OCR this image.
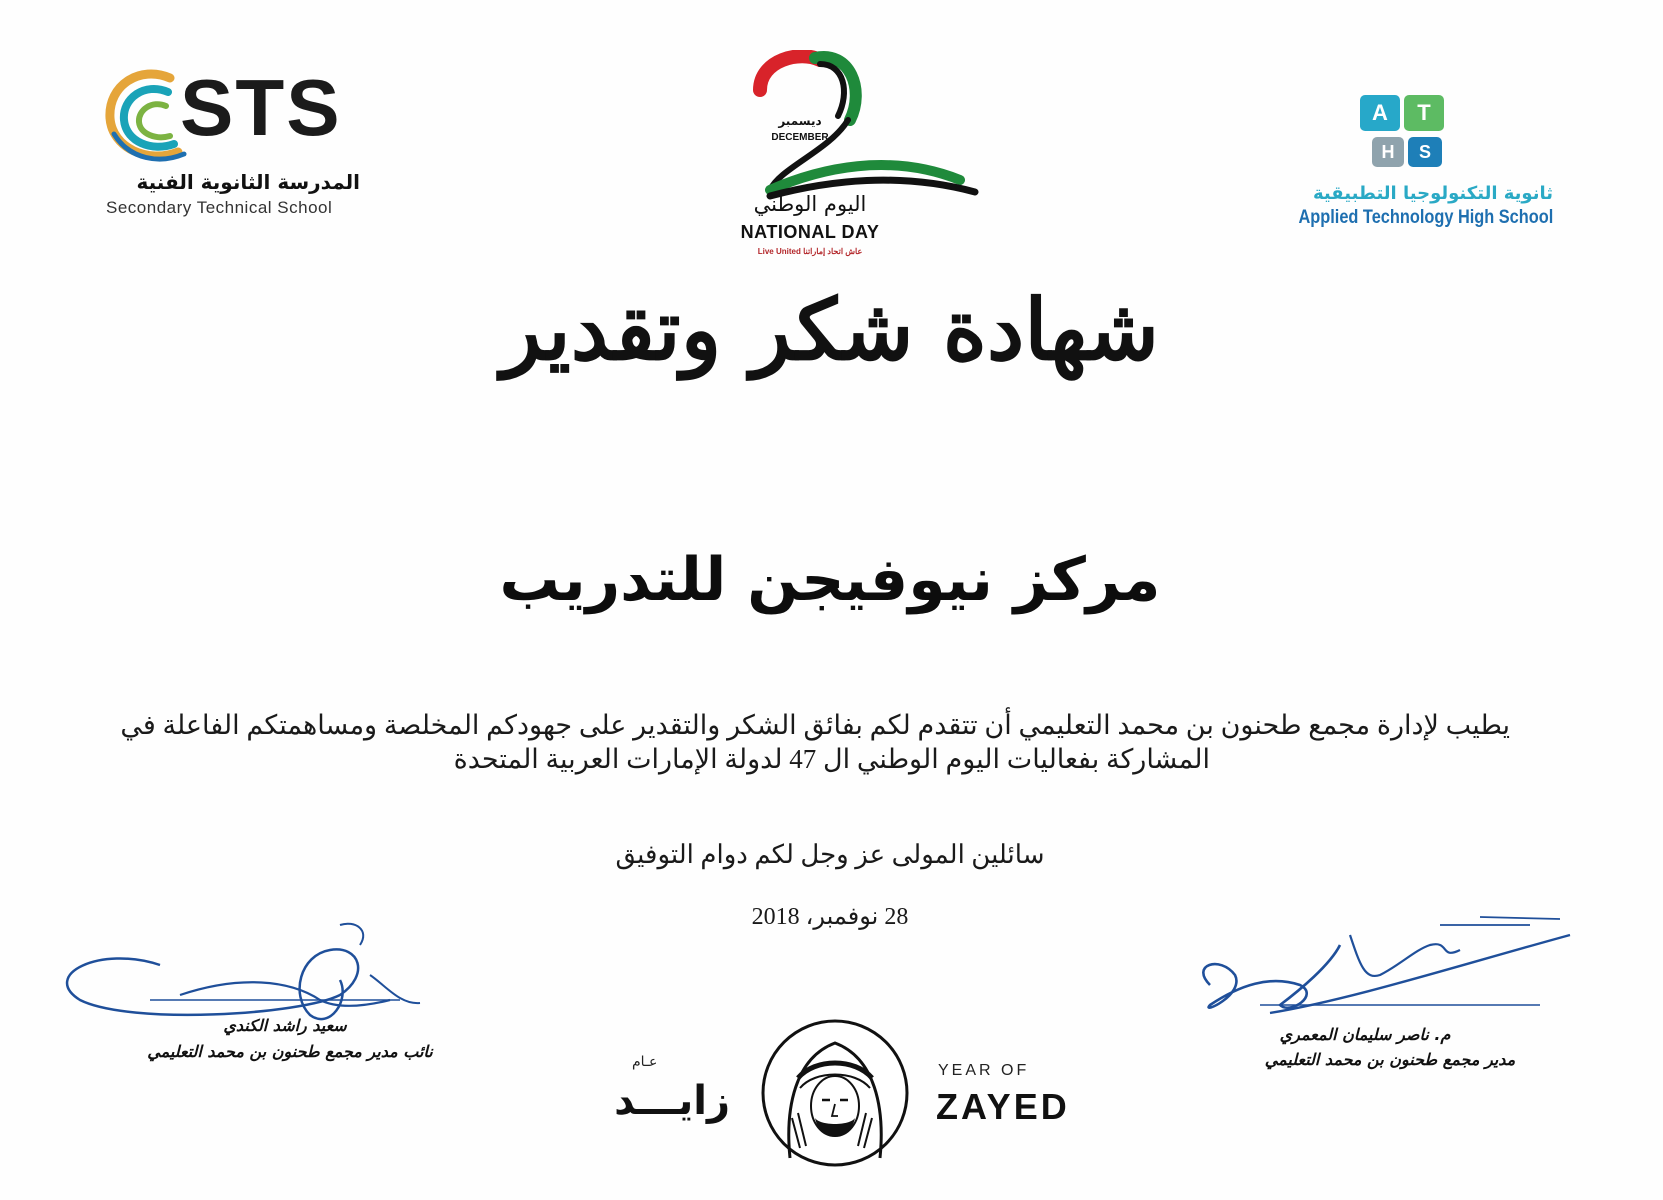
STS
المدرسة الثانوية الفنية
Secondary Technical School
ديسمبر
DECEMBER
اليوم الوطني
NATIONAL DAY
Live United عاش اتحاد إماراتنا
A	T
H	S
ثانوية التكنولوجيا التطبيقية
Applied Technology High School
شهادة شكر وتقدير
مركز نيوفيجن للتدريب
يطيب لإدارة مجمع طحنون بن محمد التعليمي أن تتقدم لكم بفائق الشكر والتقدير على جهودكم المخلصة ومساهمتكم الفاعلة في
المشاركة بفعاليات اليوم الوطني ال 47 لدولة الإمارات العربية المتحدة
سائلين المولى عز وجل لكم دوام التوفيق
28 نوفمبر، 2018
سعيد راشد الكندي
نائب مدير مجمع طحنون بن محمد التعليمي
م. ناصر سليمان المعمري
مدير مجمع طحنون بن محمد التعليمي
عـام
زايـــد
YEAR OF
ZAYED
